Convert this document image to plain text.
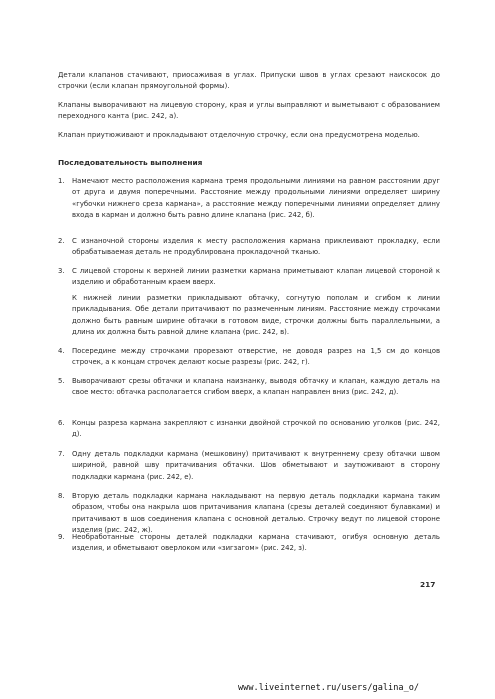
Детали клапанов стачивают, приосаживая в углах. Припуски швов в углах срезают наискосок до строчки (если клапан прямоугольной формы).

Клапаны выворачивают на лицевую сторону, края и углы выправляют и выметывают с образованием переходного канта (рис. 242, а).

Клапан приутюживают и прокладывают отделочную строчку, если она предусмотрена моделью.

Последовательность выполнения
1.	Намечают место расположения кармана тремя продольными линиями на равном расстоянии друг от друга и двумя поперечными. Расстояние между продольными линиями определяет ширину «губочки нижнего среза кармана», а расстояние между поперечными линиями определяет длину входа в карман и должно быть равно длине клапана (рис. 242, б).
2.	С изнаночной стороны изделия к месту расположения кармана приклеивают прокладку, если обрабатываемая деталь не продублирована прокладочной тканью.
3.	С лицевой стороны к верхней линии разметки кармана приметывают клапан лицевой стороной к изделию и обработанным краем вверх.
К нижней линии разметки прикладывают обтачку, согнутую пополам и сгибом к линии прикладывания. Обе детали притачивают по размеченным линиям. Расстояние между строчками должно быть равным ширине обтачки в готовом виде, строчки должны быть параллельными, а длина их должна быть равной длине клапана (рис. 242, в).
4.	Посередине между строчками прорезают отверстие, не доводя разрез на 1,5 см до концов строчек, а к концам строчек делают косые разрезы (рис. 242, г).
5.	Выворачивают срезы обтачки и клапана наизнанку, выводя обтачку и клапан, каждую деталь на свое место: обтачка располагается сгибом вверх, а клапан направлен вниз (рис. 242, д).
6.	Концы разреза кармана закрепляют с изнанки двойной строчкой по основанию уголков (рис. 242, д).
7.	Одну деталь подкладки кармана (мешковину) притачивают к внутреннему срезу обтачки швом шириной, равной шву притачивания обтачки. Шов обметывают и заутюживают в сторону подкладки кармана (рис. 242, е).
8.	Вторую деталь подкладки кармана накладывают на первую деталь подкладки кармана таким образом, чтобы она накрыла шов притачивания клапана (срезы деталей соединяют булавками) и притачивают в шов соединения клапана с основной деталью. Строчку ведут по лицевой стороне изделия (рис. 242, ж).
9.	Необработанные стороны деталей подкладки кармана стачивают, огибуя основную деталь изделия, и обметывают оверлоком или «зигзагом» (рис. 242, з).
217
www.liveinternet.ru/users/galina_o/
